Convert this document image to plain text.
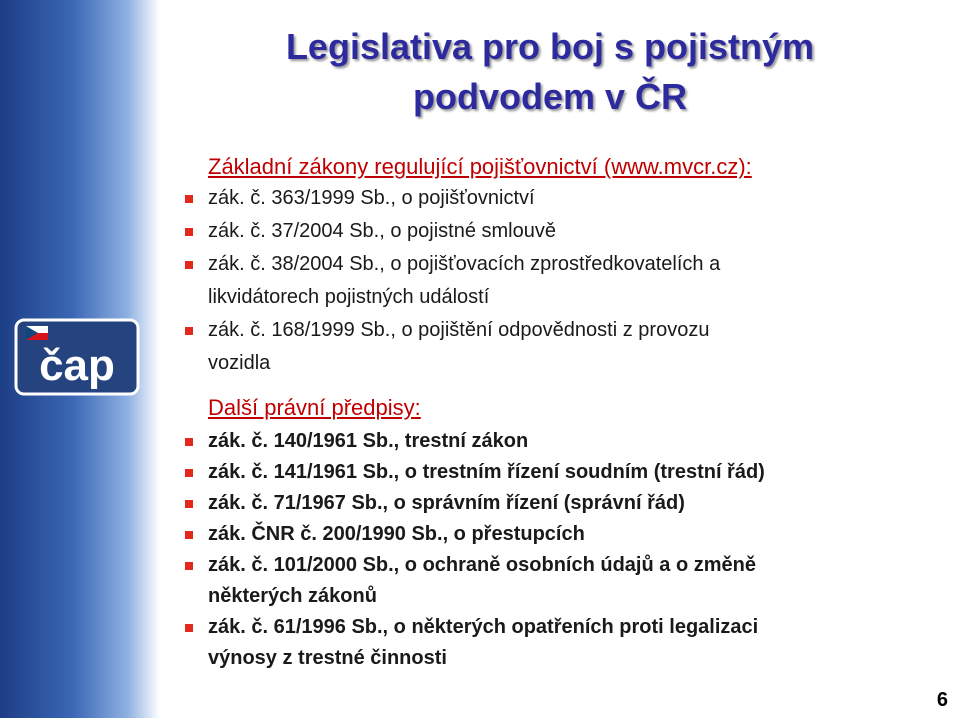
čap
Legislativa pro boj s pojistným
podvodem v ČR
Základní zákony regulující pojišťovnictví (www.mvcr.cz):
zák. č. 363/1999 Sb., o pojišťovnictví
zák. č. 37/2004 Sb., o pojistné smlouvě
zák. č. 38/2004 Sb., o pojišťovacích zprostředkovatelích a
likvidátorech pojistných událostí
zák. č. 168/1999 Sb., o pojištění odpovědnosti z provozu
vozidla
Další právní předpisy:
zák. č. 140/1961 Sb., trestní zákon
zák. č. 141/1961 Sb., o trestním řízení soudním (trestní řád)
zák. č. 71/1967 Sb., o správním řízení (správní řád)
zák. ČNR č. 200/1990 Sb., o přestupcích
zák. č. 101/2000 Sb., o ochraně osobních údajů a o změně
některých zákonů
zák. č. 61/1996 Sb., o některých opatřeních proti legalizaci
výnosy z trestné činnosti
6
